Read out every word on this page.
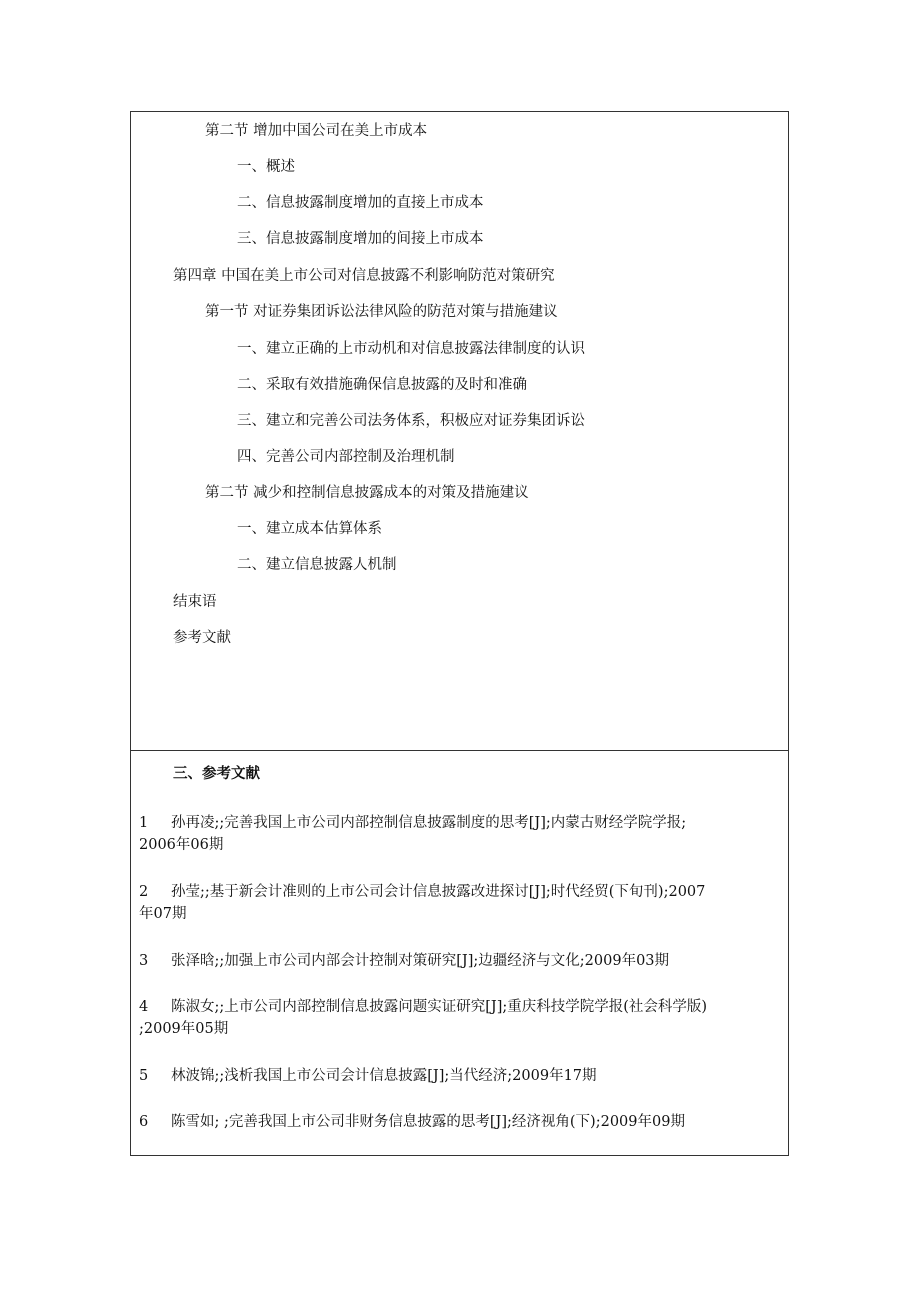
第二节 增加中国公司在美上市成本
一、概述
二、信息披露制度增加的直接上市成本
三、信息披露制度增加的间接上市成本
第四章 中国在美上市公司对信息披露不利影响防范对策研究
第一节 对证券集团诉讼法律风险的防范对策与措施建议
一、建立正确的上市动机和对信息披露法律制度的认识
二、采取有效措施确保信息披露的及时和准确
三、建立和完善公司法务体系，积极应对证券集团诉讼
四、完善公司内部控制及治理机制
第二节 减少和控制信息披露成本的对策及措施建议
一、建立成本估算体系
二、建立信息披露人机制
结束语
参考文献
三、参考文献
1 孙再凌;;完善我国上市公司内部控制信息披露制度的思考[J];内蒙古财经学院学报;
2006年06期
2 孙莹;;基于新会计准则的上市公司会计信息披露改进探讨[J];时代经贸(下旬刊);2007
年07期
3 张泽晗;;加强上市公司内部会计控制对策研究[J];边疆经济与文化;2009年03期
4 陈淑女;;上市公司内部控制信息披露问题实证研究[J];重庆科技学院学报(社会科学版)
;2009年05期
5 林波锦;;浅析我国上市公司会计信息披露[J];当代经济;2009年17期
6 陈雪如; ;完善我国上市公司非财务信息披露的思考[J];经济视角(下);2009年09期
